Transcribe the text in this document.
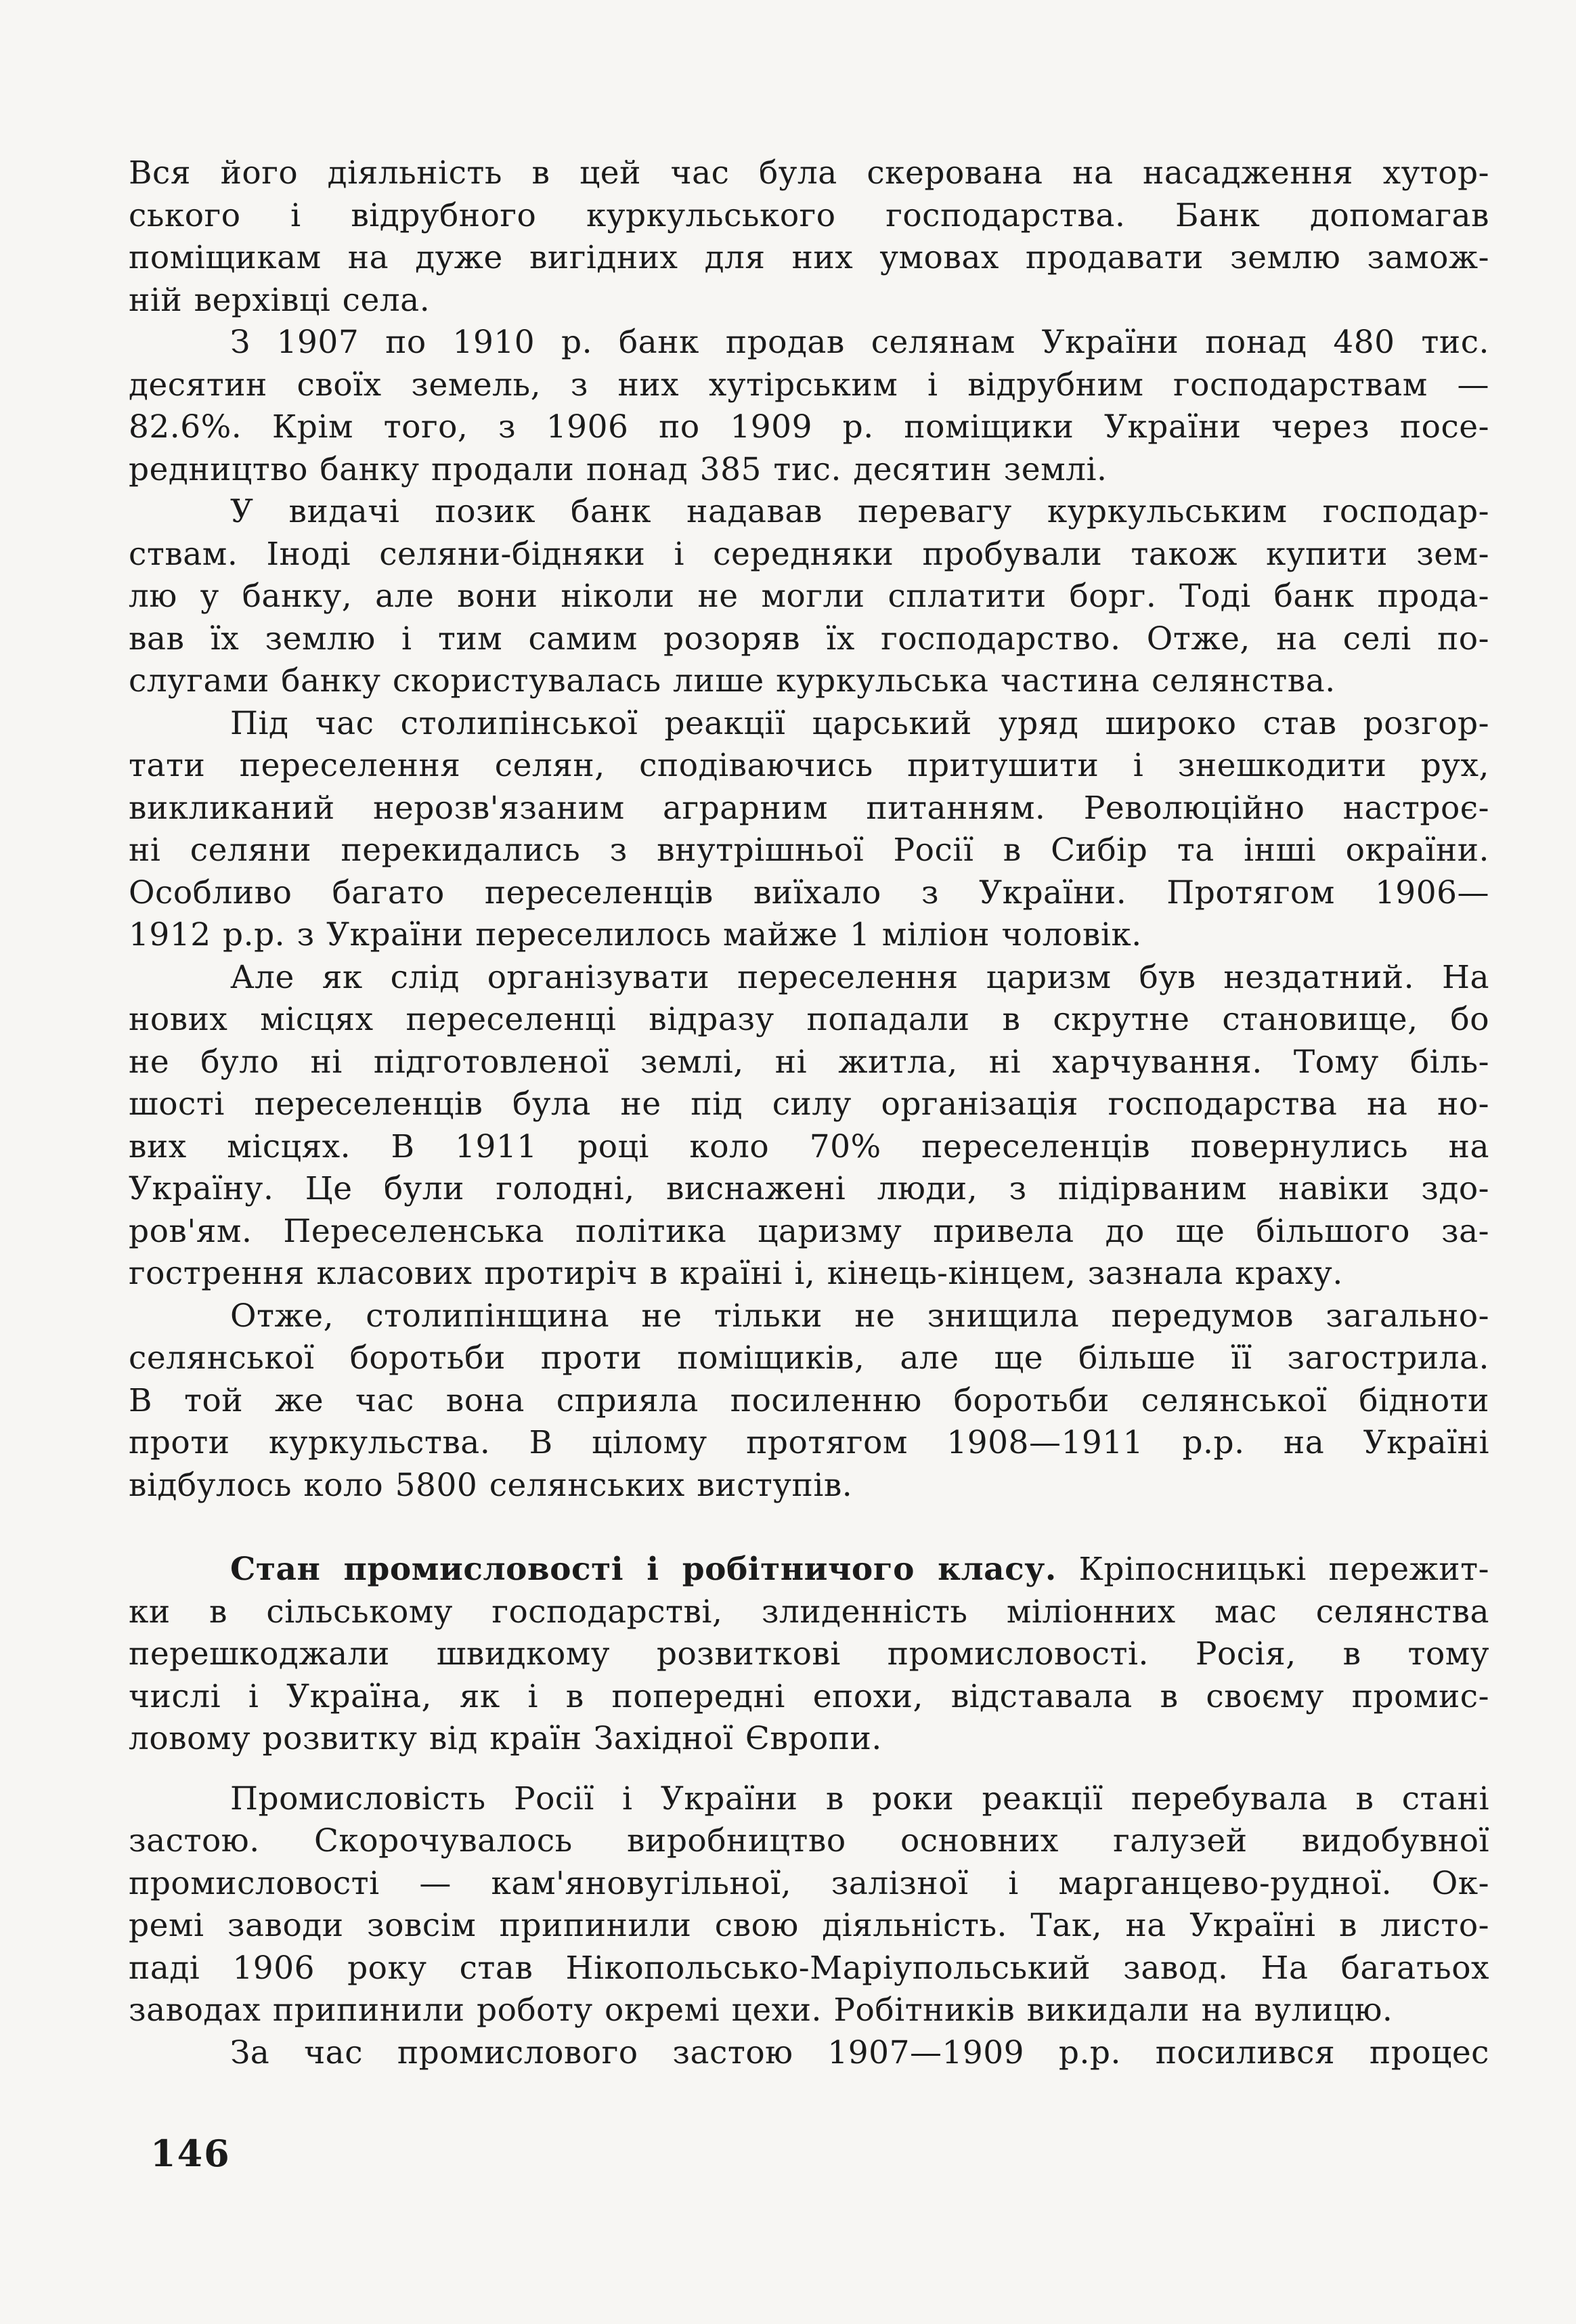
Вся його діяльність в цей час була скерована на насадження хутор-
ського і відрубного куркульського господарства. Банк допомагав
поміщикам на дуже вигідних для них умовах продавати землю замож-
ній верхівці села.
З 1907 по 1910 р. банк продав селянам України понад 480 тис.
десятин своїх земель, з них хутірським і відрубним господарствам —
82.6%. Крім того, з 1906 по 1909 р. поміщики України через посе-
редництво банку продали понад 385 тис. десятин землі.
У видачі позик банк надавав перевагу куркульським господар-
ствам. Іноді селяни-бідняки і середняки пробували також купити зем-
лю у банку, але вони ніколи не могли сплатити борг. Тоді банк прода-
вав їх землю і тим самим розоряв їх господарство. Отже, на селі по-
слугами банку скористувалась лише куркульська частина селянства.
Під час столипінської реакції царський уряд широко став розгор-
тати переселення селян, сподіваючись притушити і знешкодити рух,
викликаний нерозв'язаним аграрним питанням. Революційно настроє-
ні селяни перекидались з внутрішньої Росії в Сибір та інші окраїни.
Особливо багато переселенців виїхало з України. Протягом 1906—
1912 р.р. з України переселилось майже 1 міліон чоловік.
Але як слід організувати переселення царизм був нездатний. На
нових місцях переселенці відразу попадали в скрутне становище, бо
не було ні підготовленої землі, ні житла, ні харчування. Тому біль-
шості переселенців була не під силу організація господарства на но-
вих місцях. В 1911 році коло 70% переселенців повернулись на
Україну. Це були голодні, виснажені люди, з підірваним навіки здо-
ров'ям. Переселенська політика царизму привела до ще більшого за-
гострення класових протиріч в країні і, кінець-кінцем, зазнала краху.
Отже, столипінщина не тільки не знищила передумов загально-
селянської боротьби проти поміщиків, але ще більше її загострила.
В той же час вона сприяла посиленню боротьби селянської бідноти
проти куркульства. В цілому протягом 1908—1911 р.р. на Україні
відбулось коло 5800 селянських виступів.
Стан промисловості і робітничого класу. Кріпосницькі пережит-
ки в сільському господарстві, злиденність міліонних мас селянства
перешкоджали швидкому розвиткові промисловості. Росія, в тому
числі і Україна, як і в попередні епохи, відставала в своєму промис-
ловому розвитку від країн Західної Європи.
Промисловість Росії і України в роки реакції перебувала в стані
застою. Скорочувалось виробництво основних галузей видобувної
промисловості — кам'яновугільної, залізної і марганцево-рудної. Ок-
ремі заводи зовсім припинили свою діяльність. Так, на Україні в листо-
паді 1906 року став Нікопольсько-Маріупольський завод. На багатьох
заводах припинили роботу окремі цехи. Робітників викидали на вулицю.
За час промислового застою 1907—1909 р.р. посилився процес
146
